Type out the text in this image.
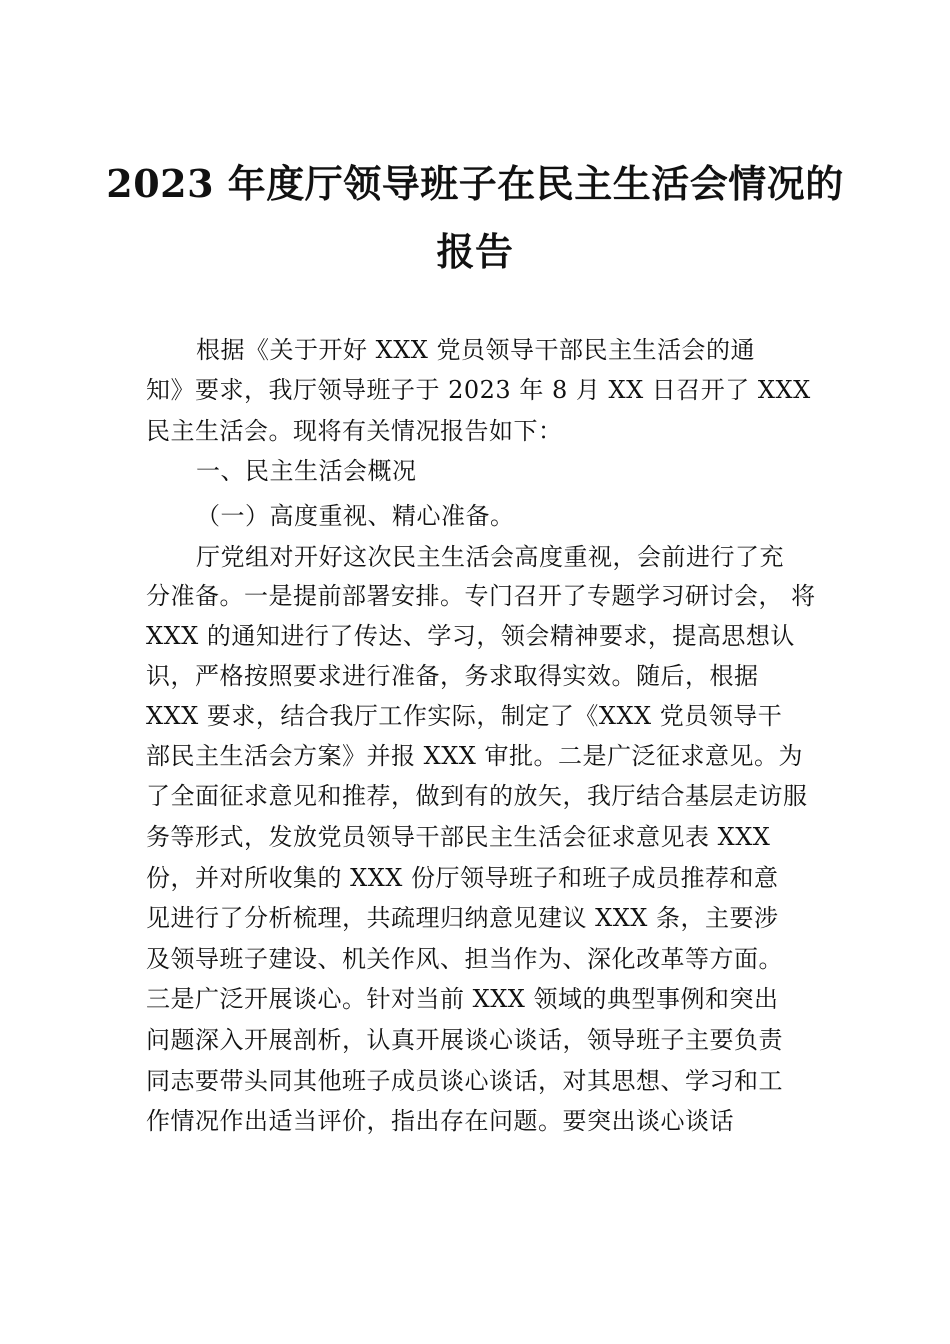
2023 年度厅领导班子在民主生活会情况的
报告
根据《关于开好 XXX 党员领导干部民主生活会的通
知》要求，我厅领导班子于 2023 年 8 月 XX 日召开了 XXX
民主生活会。现将有关情况报告如下：
一、民主生活会概况
（一）高度重视、精心准备。
厅党组对开好这次民主生活会高度重视，会前进行了充
分准备。一是提前部署安排。专门召开了专题学习研讨会， 将
XXX 的通知进行了传达、学习，领会精神要求，提高思想认
识，严格按照要求进行准备，务求取得实效。随后，根据
XXX 要求，结合我厅工作实际，制定了《XXX 党员领导干
部民主生活会方案》并报 XXX 审批。二是广泛征求意见。为
了全面征求意见和推荐，做到有的放矢，我厅结合基层走访服
务等形式，发放党员领导干部民主生活会征求意见表 XXX
份，并对所收集的 XXX 份厅领导班子和班子成员推荐和意
见进行了分析梳理，共疏理归纳意见建议 XXX 条，主要涉
及领导班子建设、机关作风、担当作为、深化改革等方面。
三是广泛开展谈心。针对当前 XXX 领域的典型事例和突出
问题深入开展剖析，认真开展谈心谈话，领导班子主要负责
同志要带头同其他班子成员谈心谈话，对其思想、学习和工
作情况作出适当评价，指出存在问题。要突出谈心谈话
